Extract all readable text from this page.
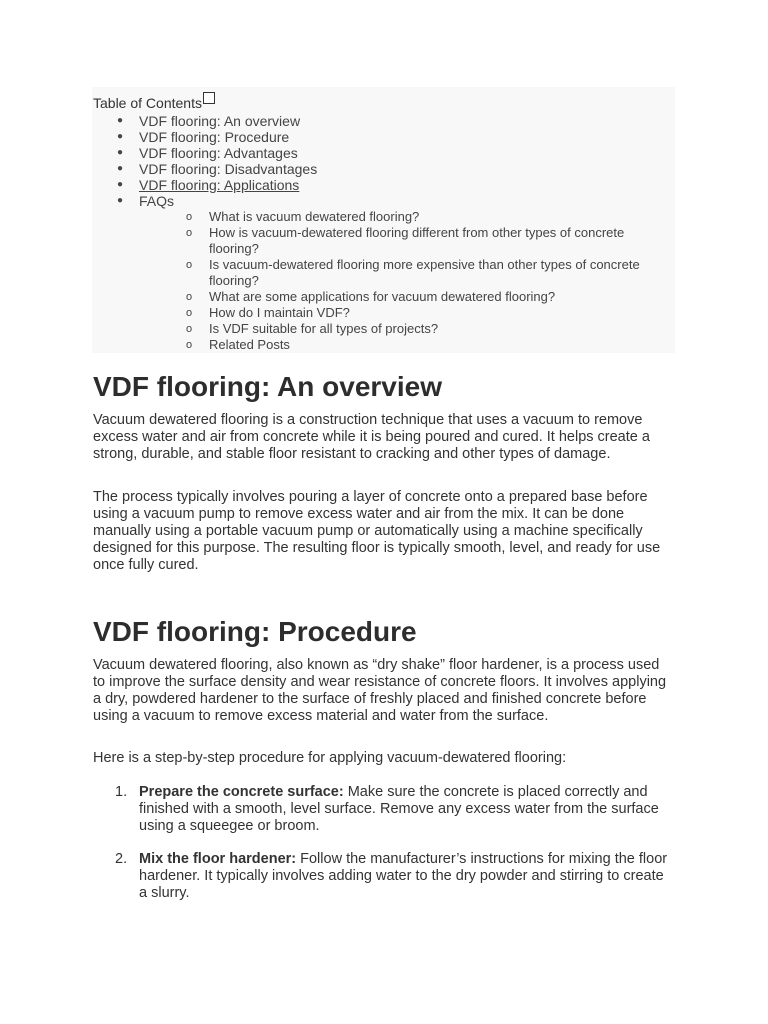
Table of Contents
● VDF flooring: An overview
● VDF flooring: Procedure
● VDF flooring: Advantages
● VDF flooring: Disadvantages
● VDF flooring: Applications
● FAQs
o What is vacuum dewatered flooring?
o How is vacuum-dewatered flooring different from other types of concrete flooring?
o Is vacuum-dewatered flooring more expensive than other types of concrete flooring?
o What are some applications for vacuum dewatered flooring?
o How do I maintain VDF?
o Is VDF suitable for all types of projects?
o Related Posts
VDF flooring: An overview

Vacuum dewatered flooring is a construction technique that uses a vacuum to remove excess water and air from concrete while it is being poured and cured. It helps create a strong, durable, and stable floor resistant to cracking and other types of damage.

The process typically involves pouring a layer of concrete onto a prepared base before using a vacuum pump to remove excess water and air from the mix. It can be done manually using a portable vacuum pump or automatically using a machine specifically designed for this purpose. The resulting floor is typically smooth, level, and ready for use once fully cured.

VDF flooring: Procedure

Vacuum dewatered flooring, also known as “dry shake” floor hardener, is a process used to improve the surface density and wear resistance of concrete floors. It involves applying a dry, powdered hardener to the surface of freshly placed and finished concrete before using a vacuum to remove excess material and water from the surface.

Here is a step-by-step procedure for applying vacuum-dewatered flooring:

1. Prepare the concrete surface: Make sure the concrete is placed correctly and finished with a smooth, level surface. Remove any excess water from the surface using a squeegee or broom.
2. Mix the floor hardener: Follow the manufacturer’s instructions for mixing the floor hardener. It typically involves adding water to the dry powder and stirring to create a slurry.
